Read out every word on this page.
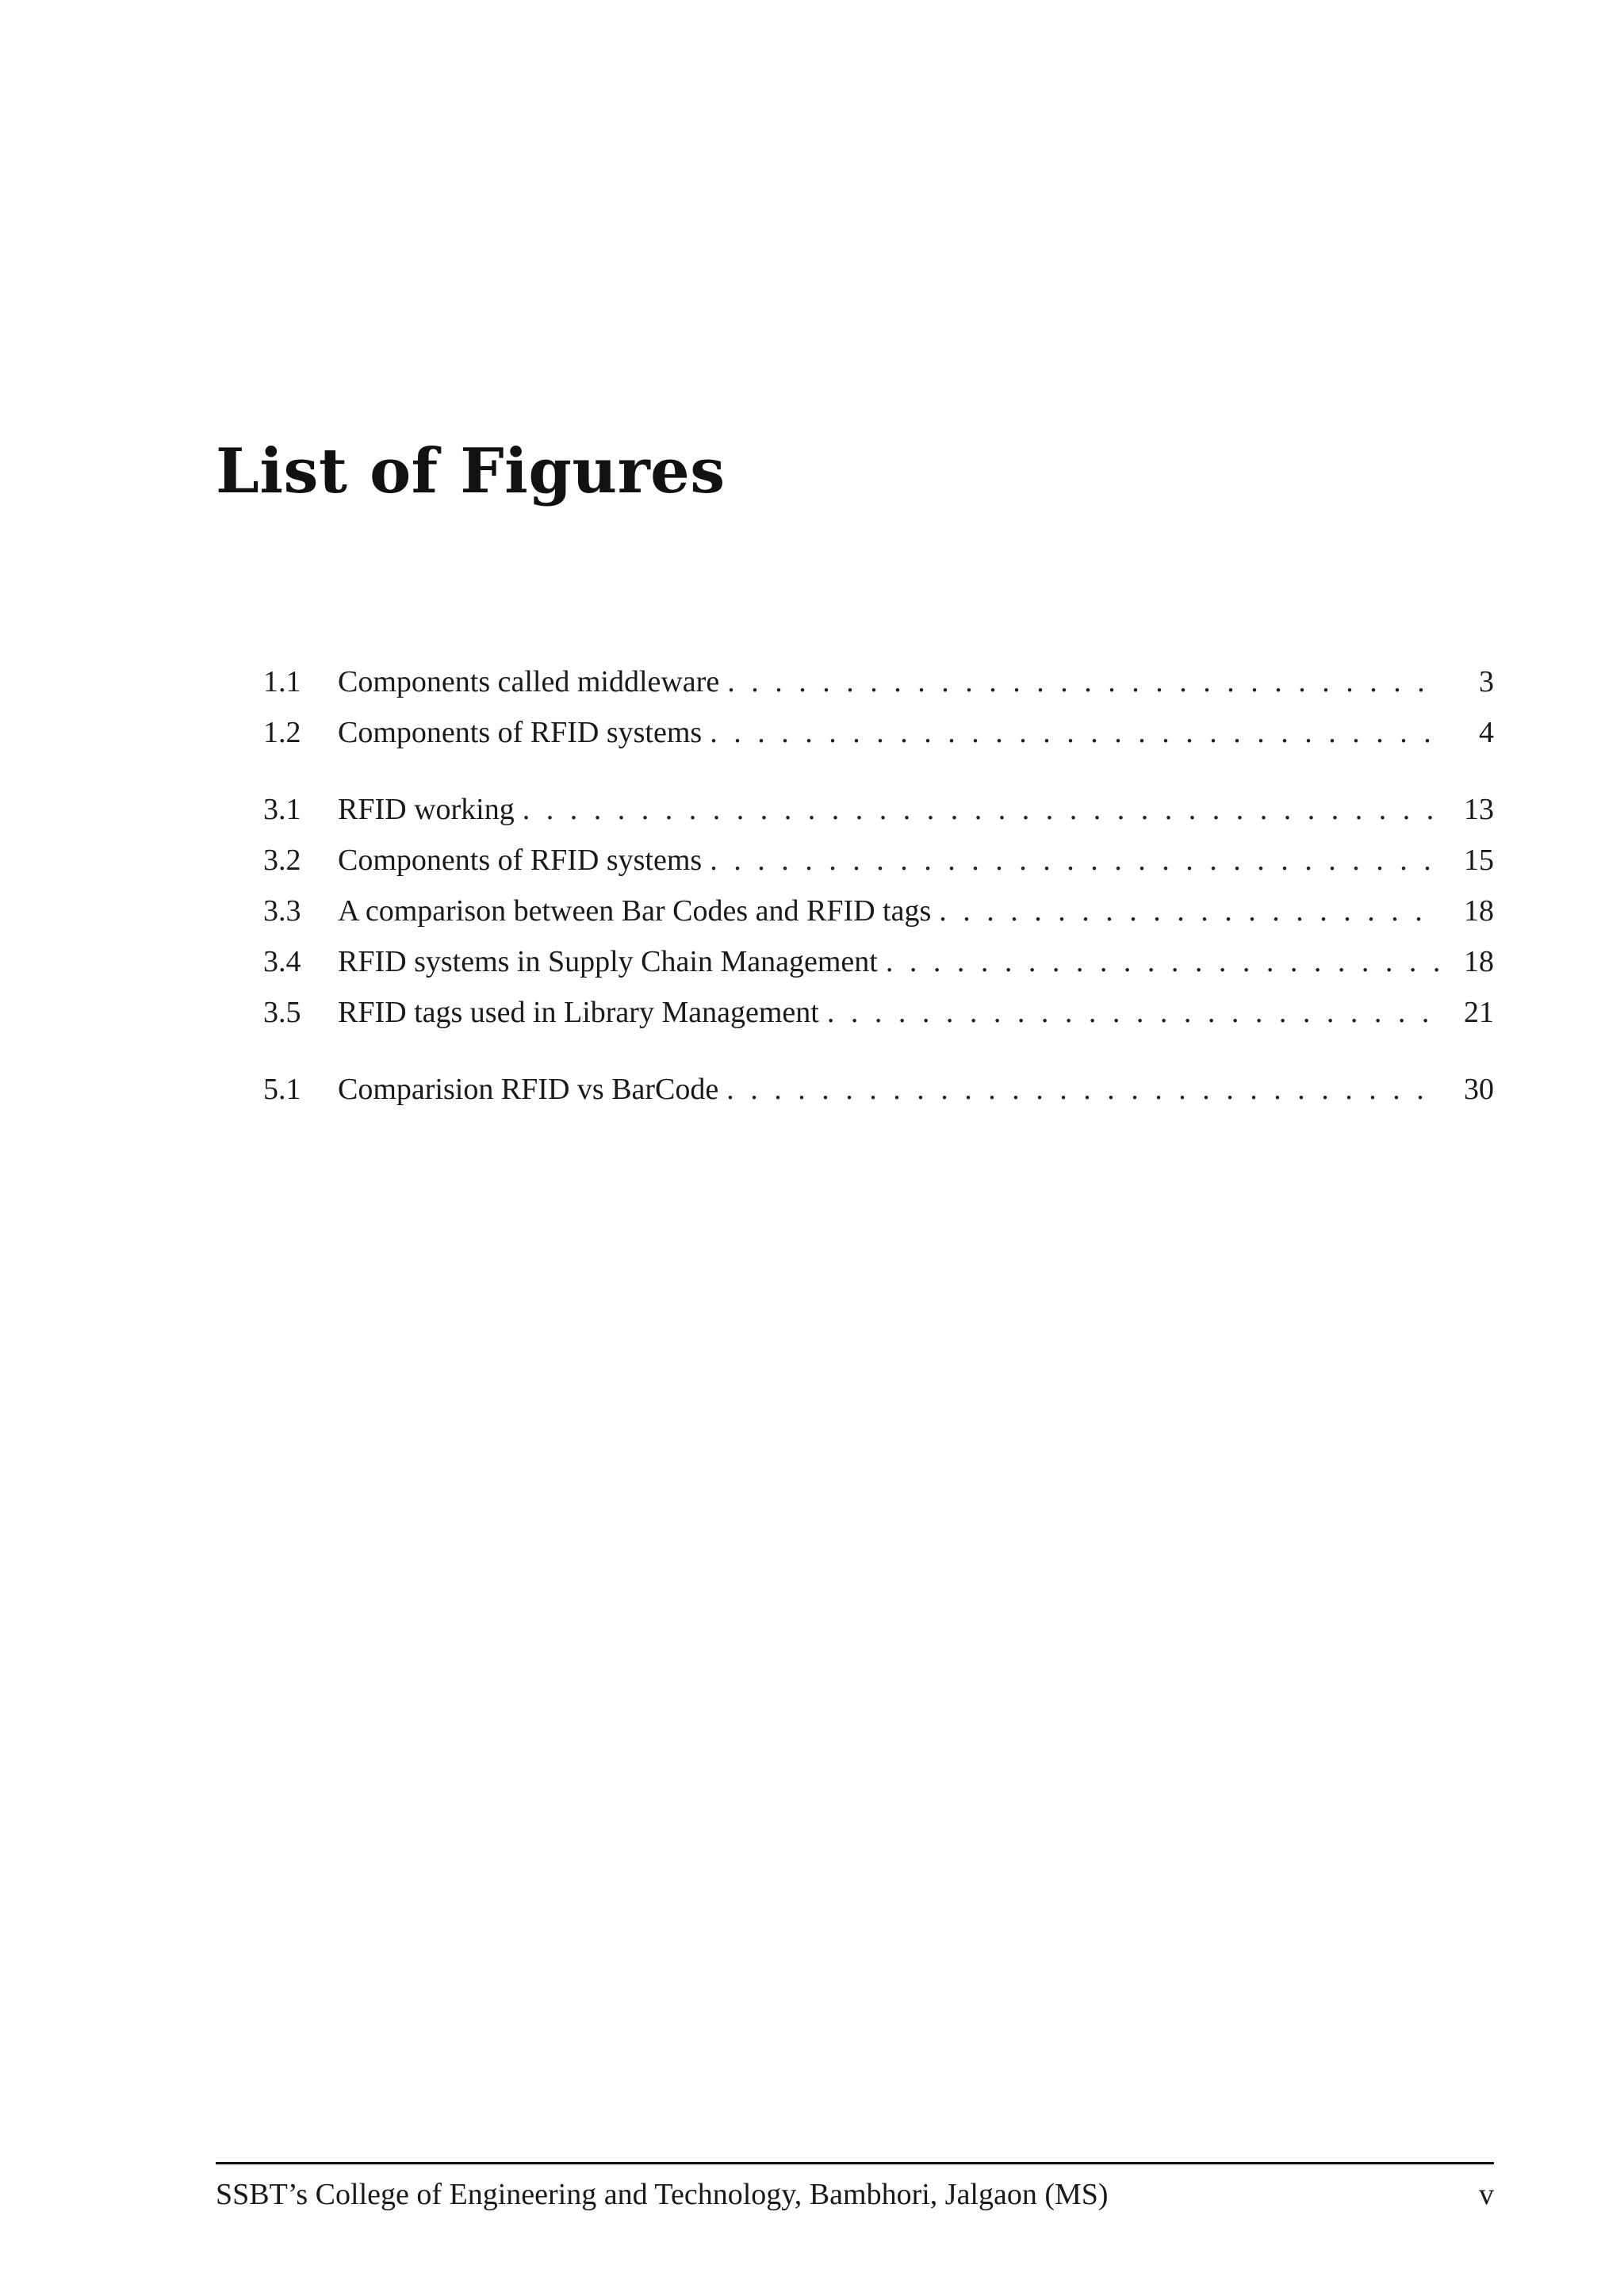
List of Figures
1.1	Components called middleware . . .	3
1.2	Components of RFID systems . . .	4
3.1	RFID working . . .	13
3.2	Components of RFID systems . . .	15
3.3	A comparison between Bar Codes and RFID tags . . .	18
3.4	RFID systems in Supply Chain Management . . .	18
3.5	RFID tags used in Library Management . . .	21
5.1	Comparision RFID vs BarCode . . .	30
SSBT’s College of Engineering and Technology, Bambhori, Jalgaon (MS)	v
